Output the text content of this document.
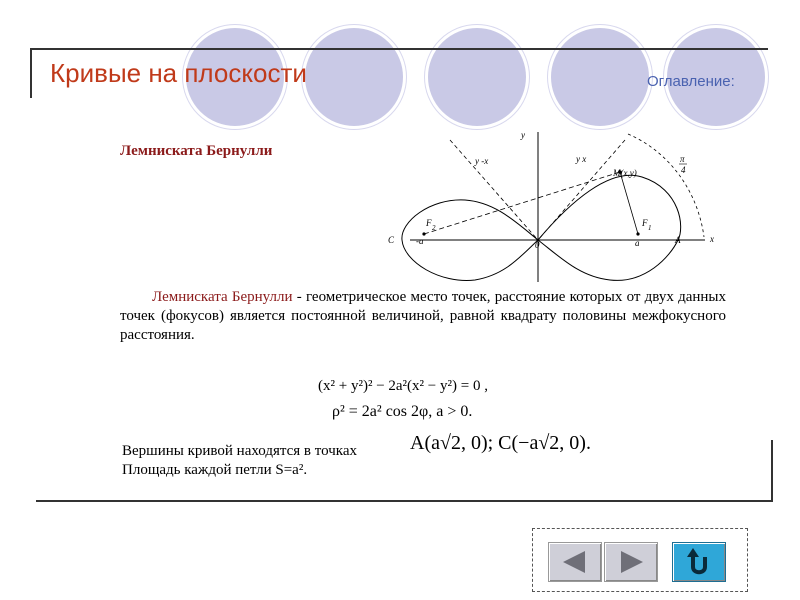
Кривые на плоскости	Оглавление:
Лемниската Бернулли
y
y -x	y x
M(x,y)
F 2	F 1
C	A
-a	a
0
x
π
4
Лемниската Бернулли - геометрическое место точек, расстояние которых от двух данных точек (фокусов) является постоянной величиной, равной квадрату половины межфокусного расстояния.
(x² + y²)² − 2a²(x² − y²) = 0 ,
ρ² = 2a² cos 2φ, a > 0.
Вершины кривой находятся в точках
Площадь каждой петли S=a².
A(a√2, 0); C(−a√2, 0).
